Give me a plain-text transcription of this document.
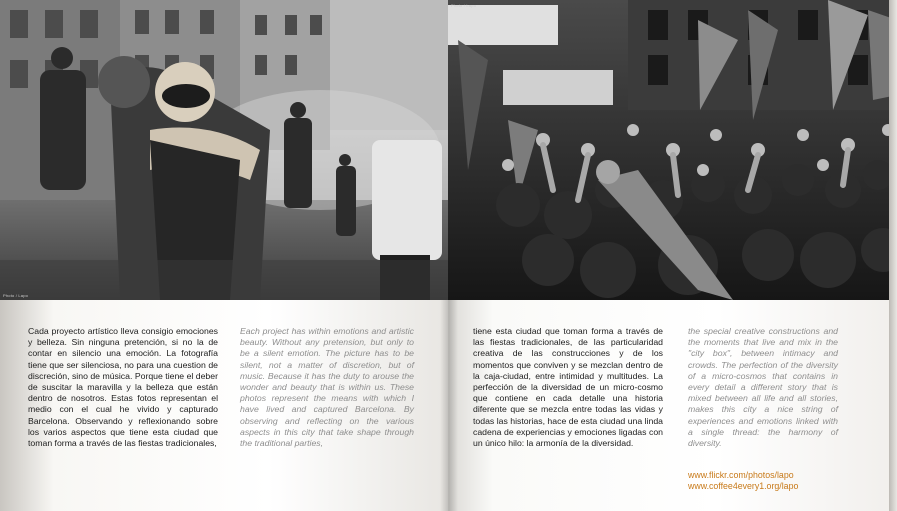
Photo / Lapo
Cada proyecto artístico lleva consigio emociones y belleza. Sin ninguna pretención, si no la de contar en silencio una emoción. La fotografía tiene que ser silenciosa, no para una cuestion de discreción, sino de música. Porque tiene el deber de suscitar la maravilla y la belleza que están dentro de nosotros. Estas fotos representan el medio con el cual he vivido y capturado Barcelona. Observando y reflexionando sobre los varios aspectos que tiene esta ciudad que toman forma a través de las fiestas tradicionales,
Each project has within emotions and artistic beauty. Without any pretension, but only to be a silent emotion. The picture has to be silent, not a matter of discretion, but of music. Because it has the duty to arouse the wonder and beauty that is within us. These photos represent the means with which I have lived and captured Barcelona. By observing and reflecting on the various aspects in this city that take shape through the traditional parties,
Photo / Lapo
tiene esta ciudad que toman forma a través de las fiestas tradicionales, de las particularidad creativa de las construcciones y de los momentos que conviven y se mezclan dentro de la caja-ciudad, entre intimidad y multitudes. La perfección de la diversidad de un micro-cosmo que contiene en cada detalle una historia diferente que se mezcla entre todas las vidas y todas las historias, hace de esta ciudad una linda cadena de experiencias y emociones ligadas con un único hilo: la armonía de la diversidad.
the special creative constructions and the moments that live and mix in the "city box", between intimacy and crowds. The perfection of the diversity of a micro-cosmos that contains in every detail a different story that is mixed between all life and all stories, makes this city a nice string of experiences and emotions linked with a single thread: the harmony of diversity.
www.flickr.com/photos/lapo
www.coffee4every1.org/lapo
